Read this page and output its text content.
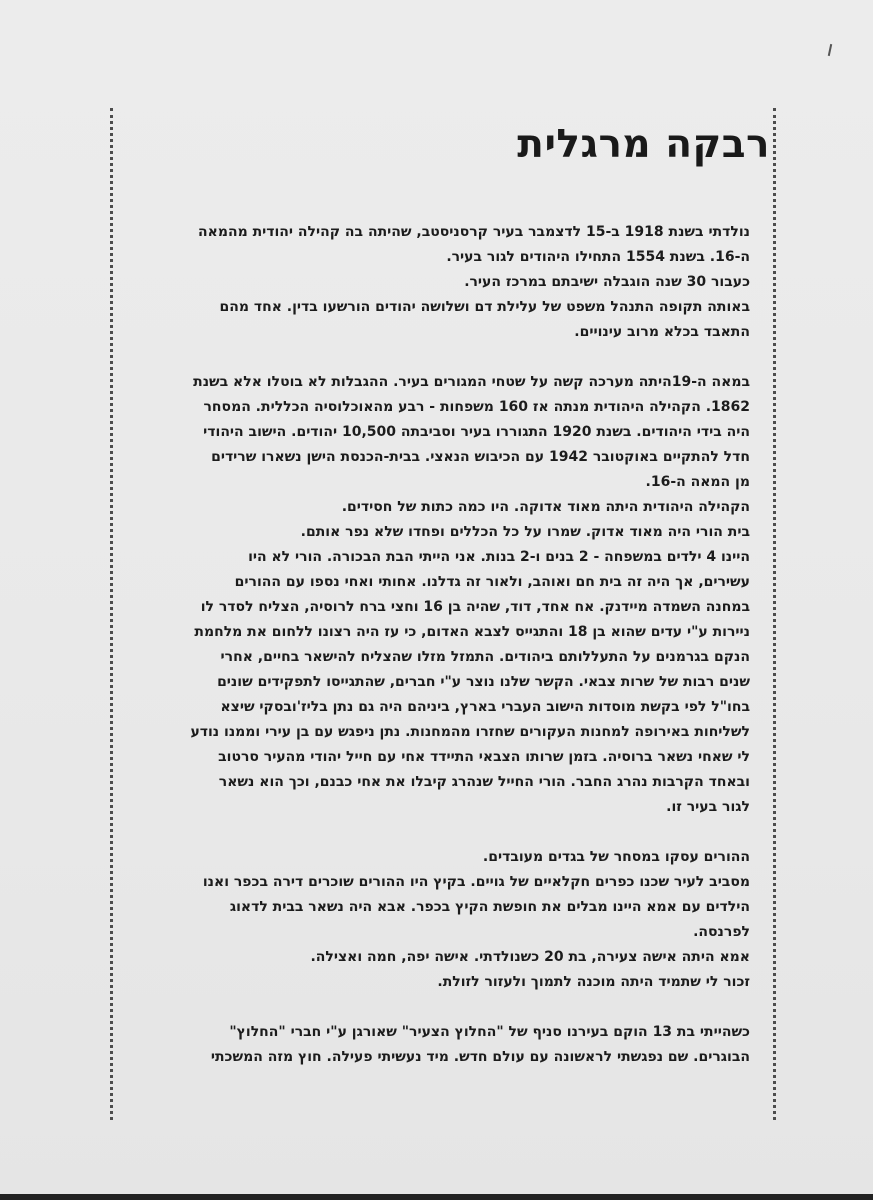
רבקה מרגלית
נולדתי בשנת 1918 ב-15 לדצמבר בעיר קרסניסטב, שהיתה בה קהילה יהודית מהמאה
ה-16. בשנת 1554 התחילו היהודים לגור בעיר.
כעבור 30 שנה הוגבלה ישיבתם במרכז העיר.
באותה תקופה התנהל משפט של עלילת דם ושלושה יהודים הורשעו בדין. אחד מהם
התאבד בכלא מרוב עינויים.
במאה ה-19היתה מערכה קשה על שטחי המגורים בעיר. ההגבלות לא בוטלו אלא בשנת
1862. הקהילה היהודית מנתה אז 160 משפחות - רבע מהאוכלוסיה הכללית. המסחר
היה בידי היהודים. בשנת 1920 התגוררו בעיר וסביבתה 10,500 יהודים. הישוב היהודי
חדל להתקיים באוקטובר 1942 עם הכיבוש הנאצי. בבית-הכנסת הישן נשארו שרידים
מן המאה ה-16.
הקהילה היהודית היתה מאוד אדוקה. היו כמה כתות של חסידים.
בית הורי היה מאוד אדוק. שמרו על כל הכללים ופחדו שלא נפר אותם.
היינו 4 ילדים במשפחה - 2 בנים ו-2 בנות. אני הייתי הבת הבכורה. הורי לא היו
עשירים, אך היה זה בית חם ואוהב, ולאור זה גדלנו. אחותי ואחי נספו עם ההורים
במחנה השמדה מיידנק. אח אחד, דוד, שהיה בן 16 וחצי ברח לרוסיה, הצליח לסדר לו
ניירות ע"י עדים שהוא בן 18 והתגייס לצבא האדום, כי עז היה רצונו ללחום את מלחמת
הנקם בגרמנים על התעללותם ביהודים. התמזל מזלו שהצליח להישאר בחיים, אחרי
שנים רבות של שרות צבאי. הקשר שלנו נוצר ע"י חברים, שהתגייסו לתפקידים שונים
בחו"ל לפי בקשת מוסדות הישוב העברי בארץ, ביניהם היה גם נתן בליז'ובסקי שיצא
לשליחות באירופה למחנות העקורים שחזרו מהמחנות. נתן ניפגש עם בן עירי וממנו נודע
לי שאחי נשאר ברוסיה. בזמן שרותו הצבאי התיידד אחי עם חייל יהודי מהעיר סרטוב
ובאחד הקרבות נהרג החבר. הורי החייל שנהרג קיבלו את אחי כבנם, וכך הוא נשאר
לגור בעיר זו.
ההורים עסקו במסחר של בגדים מעובדים.
מסביב לעיר שכנו כפרים חקלאיים של גויים. בקיץ היו ההורים שוכרים דירה בכפר ואנו
הילדים עם אמא היינו מבלים את חופשת הקיץ בכפר. אבא היה נשאר בבית לדאוג
לפרנסה.
אמא היתה אישה צעירה, בת 20 כשנולדתי. אישה יפה, חמה ואצילה.
זכור לי שתמיד היתה מוכנה לתמוך ולעזור לזולת.
כשהייתי בת 13 הוקם בעירנו סניף של "החלוץ הצעיר" שאורגן ע"י חברי "החלוץ"
הבוגרים. שם נפגשתי לראשונה עם עולם חדש. מיד נעשיתי פעילה. חוץ מזה המשכתי
